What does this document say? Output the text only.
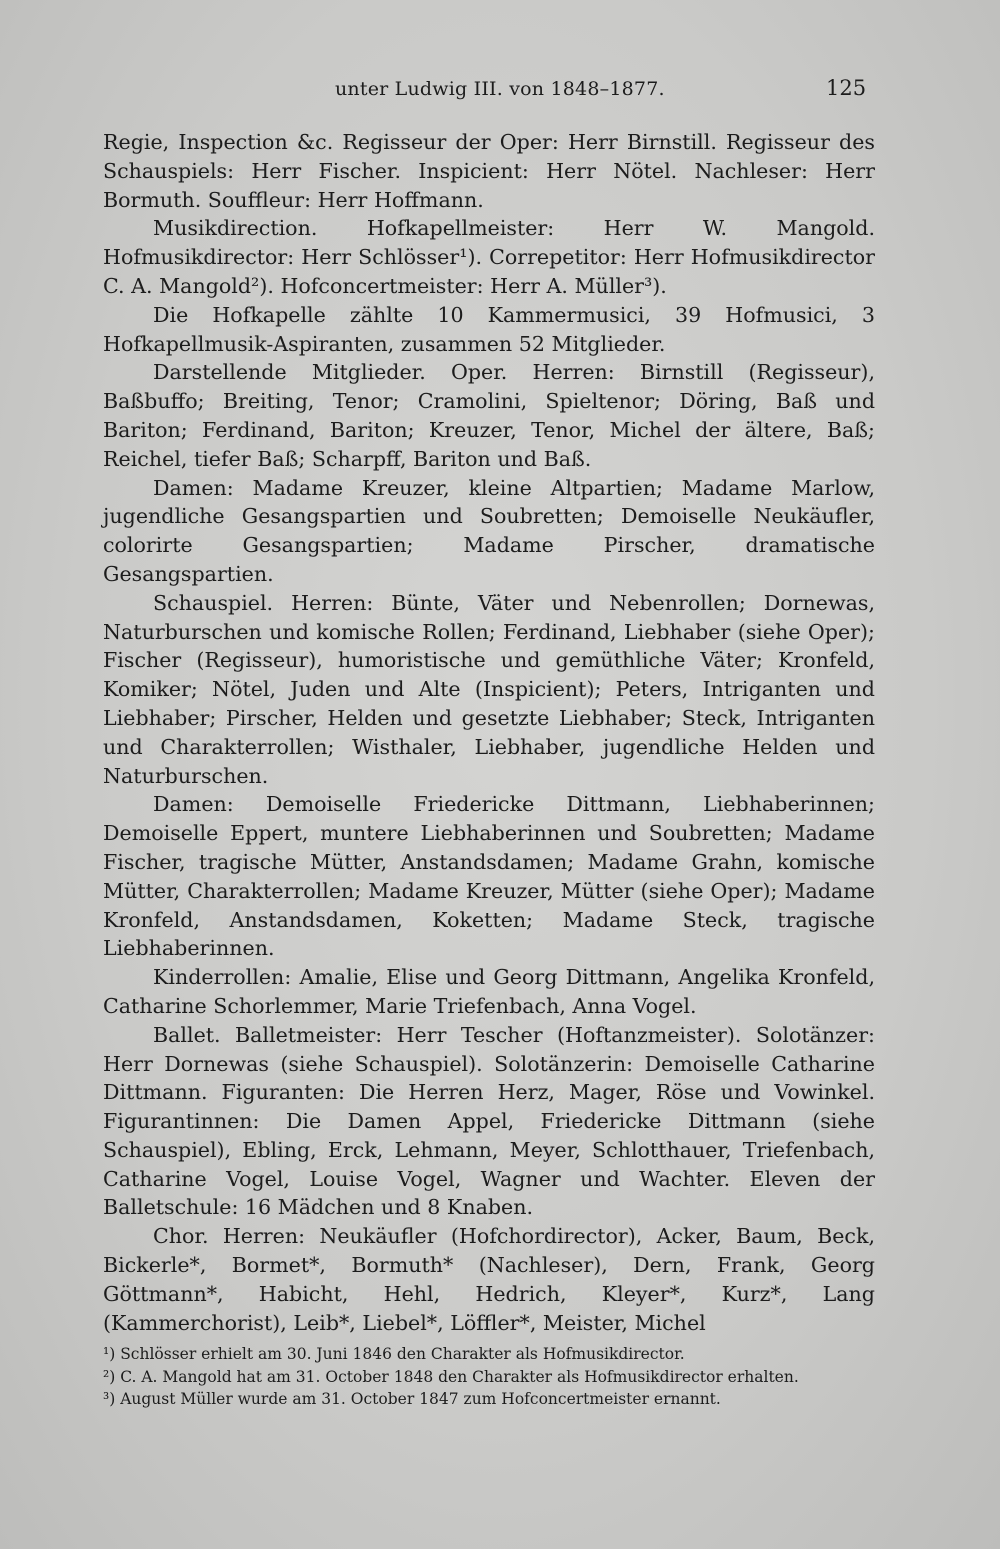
unter Ludwig III. von 1848–1877.	125

Regie, Inspection &c. Regisseur der Oper: Herr Birnstill. Regisseur des Schauspiels: Herr Fischer. Inspicient: Herr Nötel. Nachleser: Herr Bormuth. Souffleur: Herr Hoffmann.

Musikdirection. Hofkapellmeister: Herr W. Mangold. Hofmusikdirector: Herr Schlösser¹). Correpetitor: Herr Hofmusikdirector C. A. Mangold²). Hofconcertmeister: Herr A. Müller³).

Die Hofkapelle zählte 10 Kammermusici, 39 Hofmusici, 3 Hofkapellmusik-Aspiranten, zusammen 52 Mitglieder.

Darstellende Mitglieder. Oper. Herren: Birnstill (Regisseur), Baßbuffo; Breiting, Tenor; Cramolini, Spieltenor; Döring, Baß und Bariton; Ferdinand, Bariton; Kreuzer, Tenor, Michel der ältere, Baß; Reichel, tiefer Baß; Scharpff, Bariton und Baß.

Damen: Madame Kreuzer, kleine Altpartien; Madame Marlow, jugendliche Gesangspartien und Soubretten; Demoiselle Neukäufler, colorirte Gesangspartien; Madame Pirscher, dramatische Gesangspartien.

Schauspiel. Herren: Bünte, Väter und Nebenrollen; Dornewas, Naturburschen und komische Rollen; Ferdinand, Liebhaber (siehe Oper); Fischer (Regisseur), humoristische und gemüthliche Väter; Kronfeld, Komiker; Nötel, Juden und Alte (Inspicient); Peters, Intriganten und Liebhaber; Pirscher, Helden und gesetzte Liebhaber; Steck, Intriganten und Charakterrollen; Wisthaler, Liebhaber, jugendliche Helden und Naturburschen.

Damen: Demoiselle Friedericke Dittmann, Liebhaberinnen; Demoiselle Eppert, muntere Liebhaberinnen und Soubretten; Madame Fischer, tragische Mütter, Anstandsdamen; Madame Grahn, komische Mütter, Charakterrollen; Madame Kreuzer, Mütter (siehe Oper); Madame Kronfeld, Anstandsdamen, Koketten; Madame Steck, tragische Liebhaberinnen.

Kinderrollen: Amalie, Elise und Georg Dittmann, Angelika Kronfeld, Catharine Schorlemmer, Marie Triefenbach, Anna Vogel.

Ballet. Balletmeister: Herr Tescher (Hoftanzmeister). Solotänzer: Herr Dornewas (siehe Schauspiel). Solotänzerin: Demoiselle Catharine Dittmann. Figuranten: Die Herren Herz, Mager, Röse und Vowinkel. Figurantinnen: Die Damen Appel, Friedericke Dittmann (siehe Schauspiel), Ebling, Erck, Lehmann, Meyer, Schlotthauer, Triefenbach, Catharine Vogel, Louise Vogel, Wagner und Wachter. Eleven der Balletschule: 16 Mädchen und 8 Knaben.

Chor. Herren: Neukäufler (Hofchordirector), Acker, Baum, Beck, Bickerle*, Bormet*, Bormuth* (Nachleser), Dern, Frank, Georg Göttmann*, Habicht, Hehl, Hedrich, Kleyer*, Kurz*, Lang (Kammerchorist), Leib*, Liebel*, Löffler*, Meister, Michel

¹) Schlösser erhielt am 30. Juni 1846 den Charakter als Hofmusikdirector.
²) C. A. Mangold hat am 31. October 1848 den Charakter als Hofmusikdirector erhalten.
³) August Müller wurde am 31. October 1847 zum Hofconcertmeister ernannt.
